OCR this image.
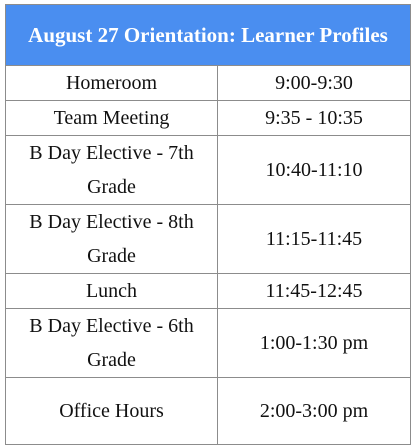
August 27 Orientation: Learner Profiles	
Homeroom	9:00-9:30
Team Meeting	9:35 - 10:35
B Day Elective - 7th Grade	10:40-11:10
B Day Elective - 8th Grade	11:15-11:45
Lunch	11:45-12:45
B Day Elective - 6th Grade	1:00-1:30 pm
Office Hours	2:00-3:00 pm
